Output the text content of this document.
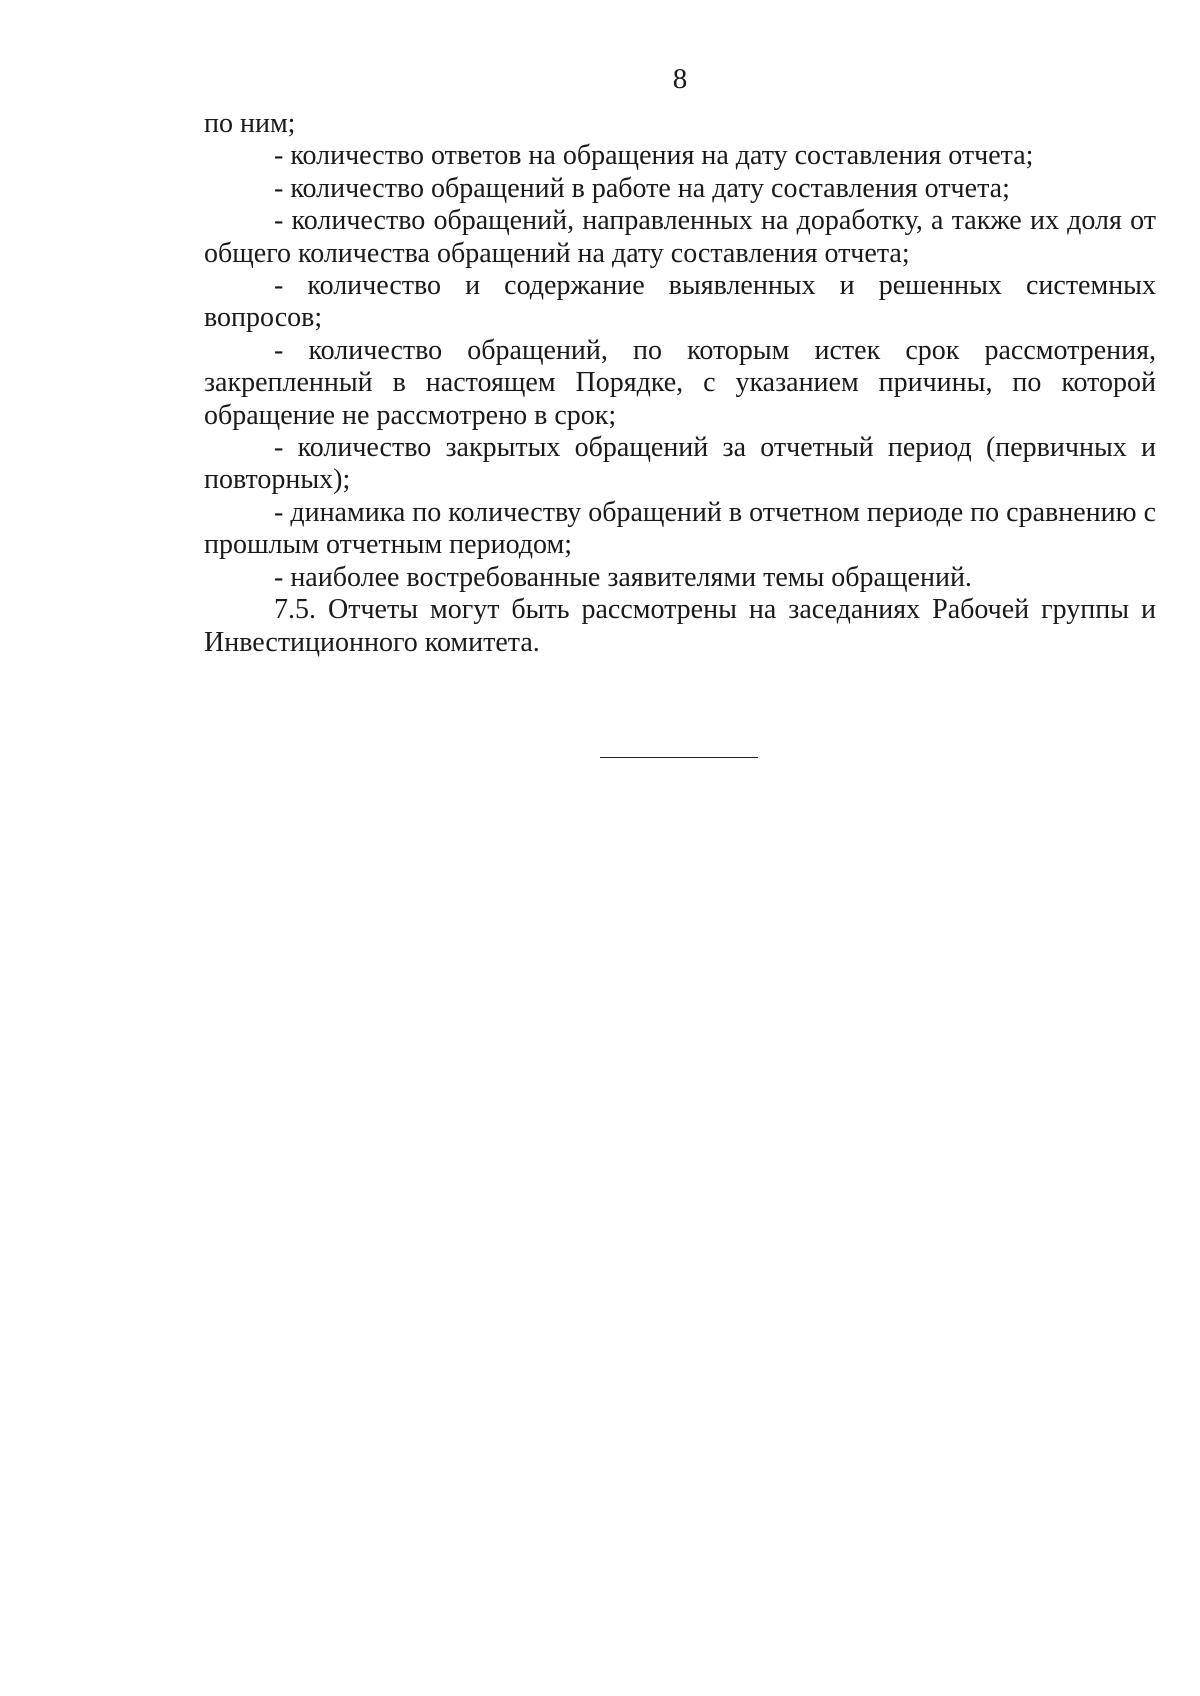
8

по ним;

- количество ответов на обращения на дату составления отчета;

- количество обращений в работе на дату составления отчета;

- количество обращений, направленных на доработку, а также их доля от общего количества обращений на дату составления отчета;

- количество и содержание выявленных и решенных системных вопросов;

- количество обращений, по которым истек срок рассмотрения, закрепленный в настоящем Порядке, с указанием причины, по которой обращение не рассмотрено в срок;

- количество закрытых обращений за отчетный период (первичных и повторных);

- динамика по количеству обращений в отчетном периоде по сравнению с прошлым отчетным периодом;

- наиболее востребованные заявителями темы обращений.

7.5. Отчеты могут быть рассмотрены на заседаниях Рабочей группы и Инвестиционного комитета.
